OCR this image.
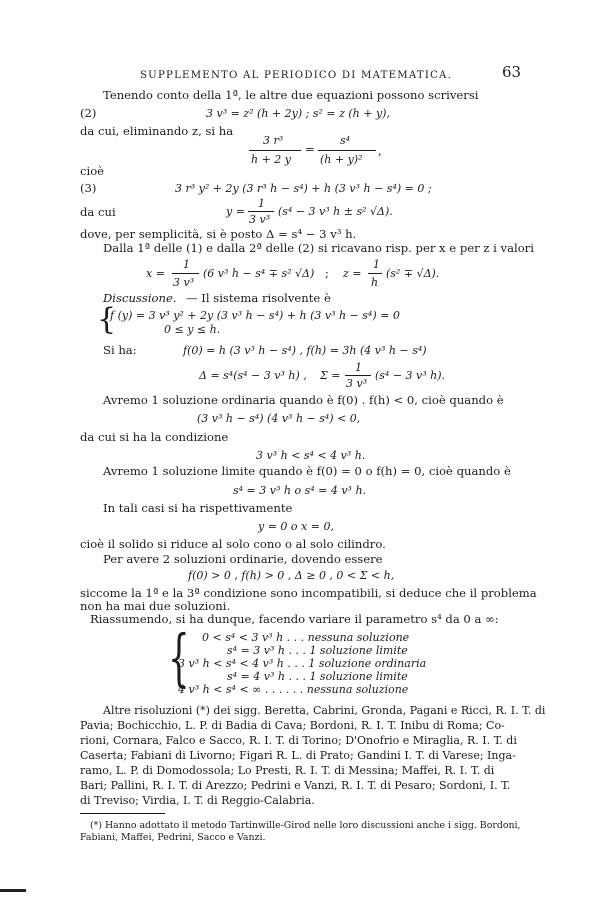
SUPPLEMENTO AL PERIODICO DI MATEMATICA.	63
Tenendo conto della 1ª, le altre due equazioni possono scriversi
(2)	3 v³ = z² (h + 2y) ; s² = z (h + y),
da cui, eliminando z, si ha
3 r³
h + 2 y
=
s⁴
(h + y)²
,
cioè
(3)	3 r³ y² + 2y (3 r³ h − s⁴) + h (3 v³ h − s⁴) = 0 ;
da cui	y =
1
3 v³
(s⁴ − 3 v³ h ± s² √Δ).
dove, per semplicità, si è posto Δ = s⁴ − 3 v³ h.
Dalla 1ª delle (1) e dalla 2ª delle (2) si ricavano risp. per x e per z i valori
x =
1
3 v³
(6 v³ h − s⁴ ∓ s² √Δ) ; z =
1
h
(s² ∓ √Δ).
Discussione. — Il sistema risolvente è
{
f (y) = 3 v³ y² + 2y (3 v³ h − s⁴) + h (3 v³ h − s⁴) = 0
0 ≤ y ≤ h.
Si ha:	f(0) = h (3 v³ h − s⁴) , f(h) = 3h (4 v³ h − s⁴)
Δ = s⁴(s⁴ − 3 v³ h) , Σ =
1
3 v³
(s⁴ − 3 v³ h).
Avremo 1 soluzione ordinaria quando è f(0) . f(h) < 0, cioè quando è
(3 v³ h − s⁴) (4 v³ h − s⁴) < 0,
da cui si ha la condizione
3 v³ h < s⁴ < 4 v³ h.
Avremo 1 soluzione limite quando è f(0) = 0 o f(h) = 0, cioè quando è
s⁴ = 3 v³ h o s⁴ = 4 v³ h.
In tali casi si ha rispettivamente
y = 0 o x = 0,
cioè il solido si riduce al solo cono o al solo cilindro.
Per avere 2 soluzioni ordinarie, dovendo essere
f(0) > 0 , f(h) > 0 , Δ ≥ 0 , 0 < Σ < h,
siccome la 1ª e la 3ª condizione sono incompatibili, si deduce che il problema
non ha mai due soluzioni.
Riassumendo, si ha dunque, facendo variare il parametro s⁴ da 0 a ∞:
{ 0 < s⁴ < 3 v³ h . . . nessuna soluzione
s⁴ = 3 v³ h . . . 1 soluzione limite
3 v³ h < s⁴ < 4 v³ h . . . 1 soluzione ordinaria
s⁴ = 4 v³ h . . . 1 soluzione limite
4 v³ h < s⁴ < ∞ . . . . . . nessuna soluzione
Altre risoluzioni (*) dei sigg. Beretta, Cabrini, Gronda, Pagani e Ricci, R. I. T. di
Pavia; Bochicchio, L. P. di Badia di Cava; Bordoni, R. I. T. Inibu di Roma; Co-
rioni, Cornara, Falco e Sacco, R. I. T. di Torino; D'Onofrio e Miraglia, R. I. T. di
Caserta; Fabiani di Livorno; Figari R. L. di Prato; Gandini I. T. di Varese; Inga-
ramo, L. P. di Domodossola; Lo Presti, R. I. T. di Messina; Maffei, R. I. T. di
Bari; Pallini, R. I. T. di Arezzo; Pedrini e Vanzi, R. I. T. di Pesaro; Sordoni, I. T.
di Treviso; Virdia, I. T. di Reggio-Calabria.
(*) Hanno adottato il metodo Tartinwille-Girod nelle loro discussioni anche i sigg. Bordoni,
Fabiani, Maffei, Pedrini, Sacco e Vanzi.
